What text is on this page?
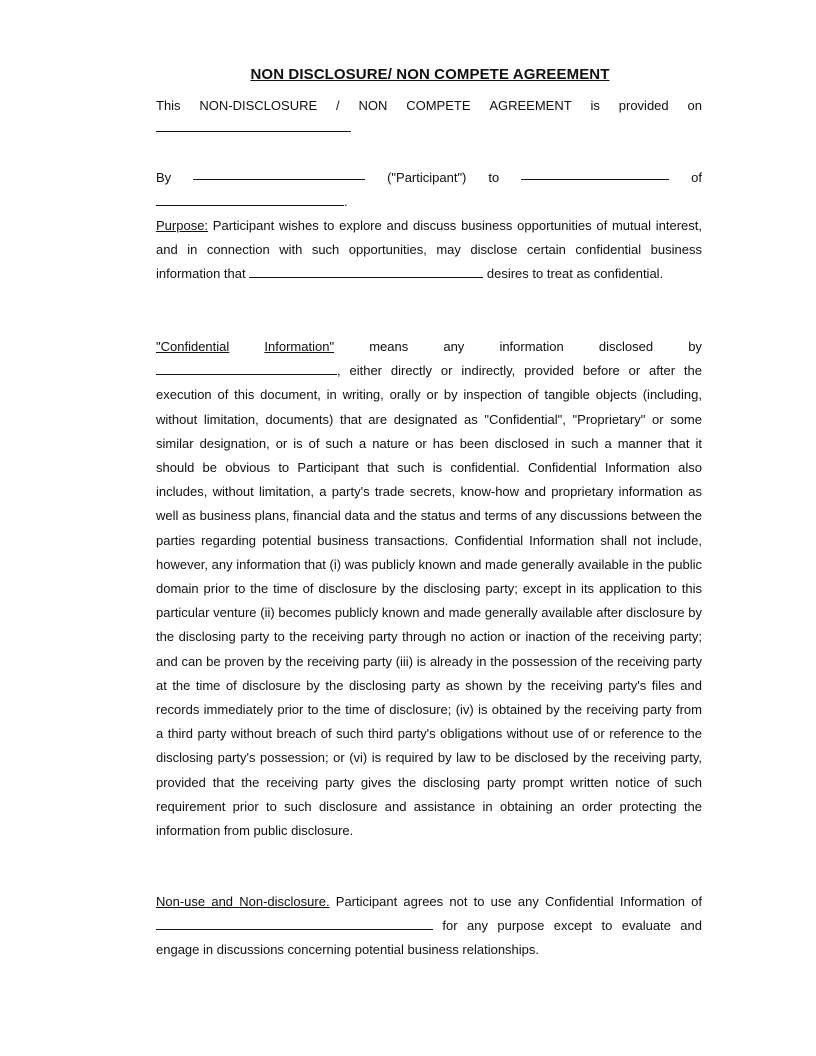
NON DISCLOSURE/ NON COMPETE AGREEMENT
This NON-DISCLOSURE / NON COMPETE AGREEMENT is provided on
By	("Participant") to	of
.

Purpose: Participant wishes to explore and discuss business opportunities of mutual interest, and in connection with such opportunities, may disclose certain confidential business information that	desires to treat as confidential.

"Confidential	Information"	means	any	information	disclosed	by

, either directly or indirectly, provided before or after the execution of this document, in writing, orally or by inspection of tangible objects (including, without limitation, documents) that are designated as "Confidential", "Proprietary" or some similar designation, or is of such a nature or has been disclosed in such a manner that it should be obvious to Participant that such is confidential. Confidential Information also includes, without limitation, a party's trade secrets, know-how and proprietary information as well as business plans, financial data and the status and terms of any discussions between the parties regarding potential business transactions. Confidential Information shall not include, however, any information that (i) was publicly known and made generally available in the public domain prior to the time of disclosure by the disclosing party; except in its application to this particular venture (ii) becomes publicly known and made generally available after disclosure by the disclosing party to the receiving party through no action or inaction of the receiving party; and can be proven by the receiving party (iii) is already in the possession of the receiving party at the time of disclosure by the disclosing party as shown by the receiving party's files and records immediately prior to the time of disclosure; (iv) is obtained by the receiving party from a third party without breach of such third party's obligations without use of or reference to the disclosing party's possession; or (vi) is required by law to be disclosed by the receiving party, provided that the receiving party gives the disclosing party prompt written notice of such requirement prior to such disclosure and assistance in obtaining an order protecting the information from public disclosure.

Non-use and Non-disclosure. Participant agrees not to use any Confidential Information of  for any purpose except to evaluate and engage in discussions concerning potential business relationships.
